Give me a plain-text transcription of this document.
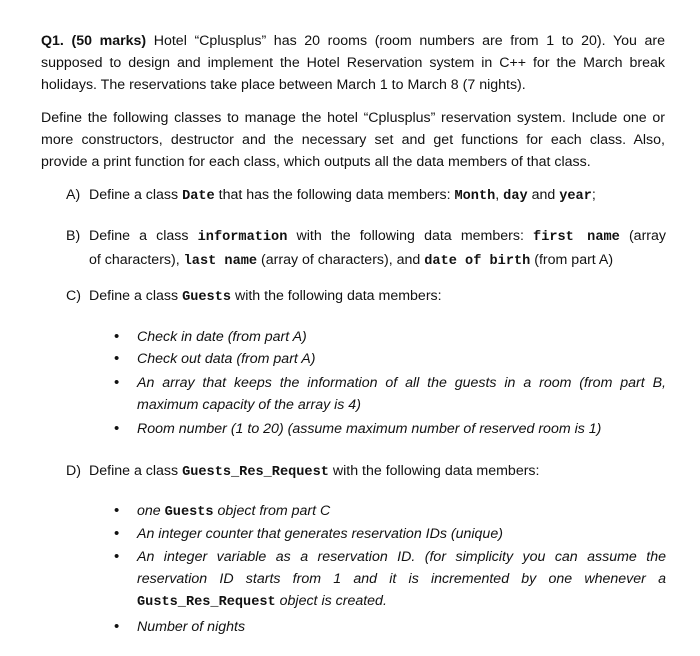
Q1. (50 marks) Hotel “Cplusplus” has 20 rooms (room numbers are from 1 to 20). You are
supposed to design and implement the Hotel Reservation system in C++ for the March break
holidays. The reservations take place between March 1 to March 8 (7 nights).
Define the following classes to manage the hotel “Cplusplus” reservation system. Include one or
more constructors, destructor and the necessary set and get functions for each class. Also,
provide a print function for each class, which outputs all the data members of that class.
A) Define a class Date that has the following data members: Month, day and year;
B) Define a class information with the following data members: first name (array
of characters), last name (array of characters), and date of birth (from part A)
C) Define a class Guests with the following data members:
•	Check in date (from part A)
•	Check out data (from part A)
•	An array that keeps the information of all the guests in a room (from part B,
maximum capacity of the array is 4)
•	Room number (1 to 20) (assume maximum number of reserved room is 1)
D) Define a class Guests_Res_Request with the following data members:
•	one Guests object from part C
•	An integer counter that generates reservation IDs (unique)
•	An integer variable as a reservation ID. (for simplicity you can assume the
reservation ID starts from 1 and it is incremented by one whenever a
Gusts_Res_Request object is created.
•	Number of nights
